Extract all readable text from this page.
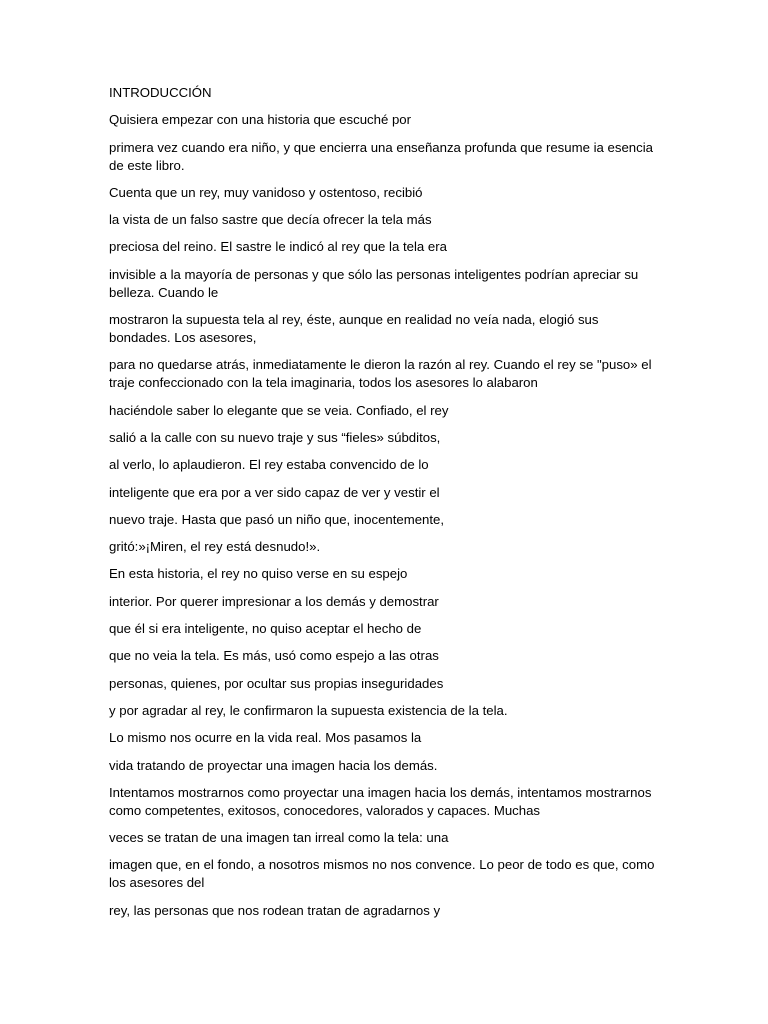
INTRODUCCIÓN

Quisiera empezar con una historia que escuché por

primera vez cuando era niño, y que encierra una enseñanza profunda que resume ia esencia de este libro.

Cuenta que un rey, muy vanidoso y ostentoso, recibió

la vista de un falso sastre que decía ofrecer la tela más

preciosa del reino. El sastre le indicó al rey que la tela era

invisible a la mayoría de personas y que sólo las personas inteligentes podrían apreciar su belleza. Cuando le

mostraron la supuesta tela al rey, éste, aunque en realidad no veía nada, elogió sus bondades. Los asesores,

para no quedarse atrás, inmediatamente le dieron la razón al rey. Cuando el rey se "puso» el traje confeccionado con la tela imaginaria, todos los asesores lo alabaron

haciéndole saber lo elegante que se veia. Confiado, el rey

salió a la calle con su nuevo traje y sus “fieles» súbditos,

al verlo, lo aplaudieron. El rey estaba convencido de lo

inteligente que era por a ver sido capaz de ver y vestir el

nuevo traje. Hasta que pasó un niño que, inocentemente,

gritó:»¡Miren, el rey está desnudo!».

En esta historia, el rey no quiso verse en su espejo

interior. Por querer impresionar a los demás y demostrar

que él si era inteligente, no quiso aceptar el hecho de

que no veia la tela. Es más, usó como espejo a las otras

personas, quienes, por ocultar sus propias inseguridades

y por agradar al rey, le confirmaron la supuesta existencia de la tela.

Lo mismo nos ocurre en la vida real. Mos pasamos la

vida tratando de proyectar una imagen hacia los demás.

Intentamos mostrarnos como proyectar una imagen hacia los demás, intentamos mostrarnos como competentes, exitosos, conocedores, valorados y capaces. Muchas

veces se tratan de una imagen tan irreal como la tela: una

imagen que, en el fondo, a nosotros mismos no nos convence. Lo peor de todo es que, como los asesores del

rey, las personas que nos rodean tratan de agradarnos y
